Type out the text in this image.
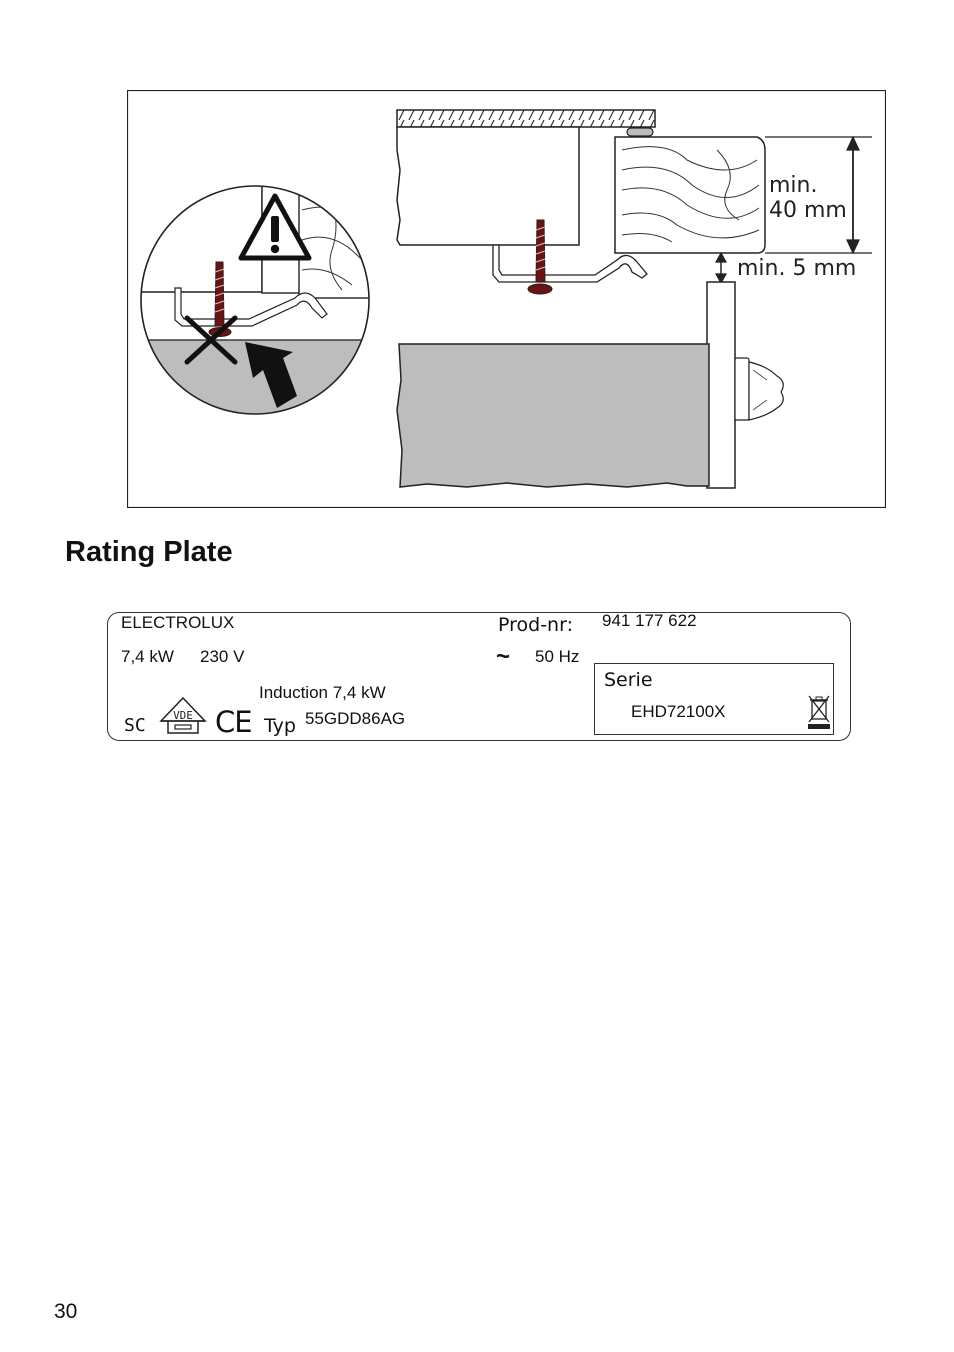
min.
40 mm
min. 5 mm
Rating Plate
ELECTROLUX
7,4 kW 230 V
Prod-nr: 941 177 622
~ 50 Hz
Induction 7,4 kW
SC VDE CE Typ 55GDD86AG
Serie
EHD72100X
30
